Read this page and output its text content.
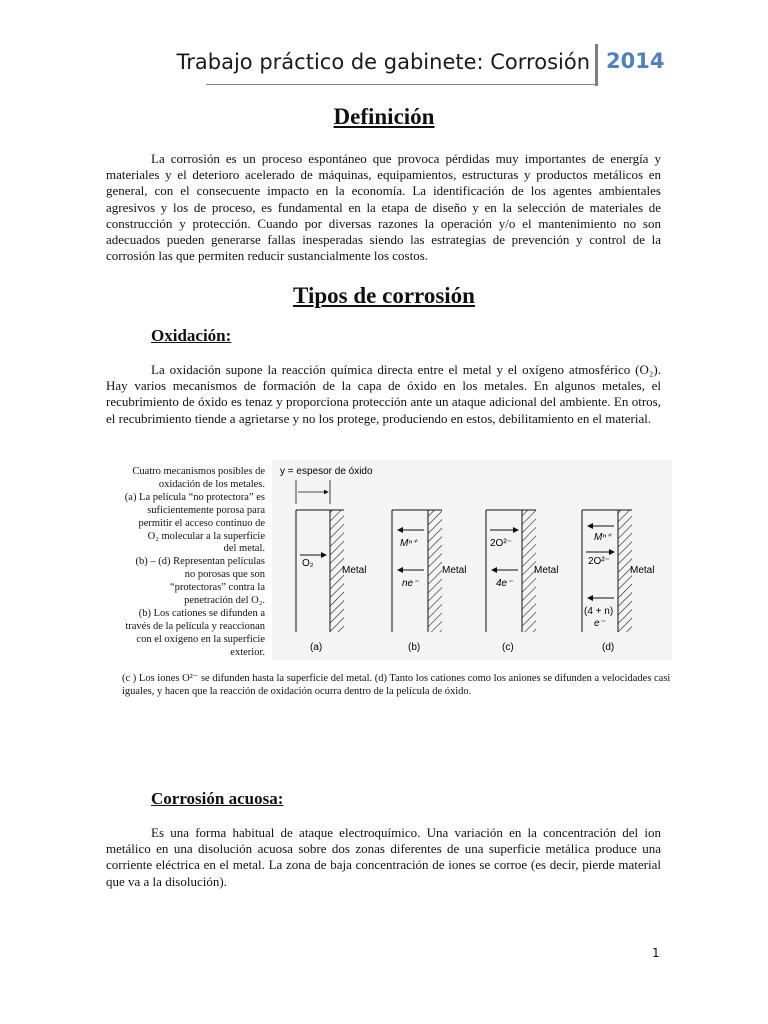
Trabajo práctico de gabinete: Corrosión 2014
Definición

La corrosión es un proceso espontáneo que provoca pérdidas muy importantes de energía y materiales y el deterioro acelerado de máquinas, equipamientos, estructuras y productos metálicos en general, con el consecuente impacto en la economía. La identificación de los agentes ambientales agresivos y los de proceso, es fundamental en la etapa de diseño y en la selección de materiales de construcción y protección. Cuando por diversas razones la operación y/o el mantenimiento no son adecuados pueden generarse fallas inesperadas siendo las estrategias de prevención y control de la corrosión las que permiten reducir sustancialmente los costos.

Tipos de corrosión
Oxidación:

La oxidación supone la reacción química directa entre el metal y el oxígeno atmosférico (O₂). Hay varios mecanismos de formación de la capa de óxido en los metales. En algunos metales, el recubrimiento de óxido es tenaz y proporciona protección ante un ataque adicional del ambiente. En otros, el recubrimiento tiende a agrietarse y no los protege, produciendo en estos, debilitamiento en el material.

Cuatro mecanismos posibles de
oxidación de los metales.
(a) La película “no protectora” es
suficientemente porosa para
permitir el acceso continuo de
O₂ molecular a la superficie
del metal.
(b) – (d) Representan películas
no porosas que son
“protectoras” contra la
penetración del O₂.
(b) Los cationes se difunden a
través de la película y reaccionan
con el oxígeno en la superficie
exterior.

y = espesor de óxido
O₂
Metal
(a)
Mⁿ⁺
ne⁻
Metal
(b)
2O²⁻
4e⁻
Metal
(c)
Mⁿ⁺
2O²⁻
(4 + n)
e⁻
Metal
(d)

(c ) Los iones O²⁻ se difunden hasta la superficie del metal. (d) Tanto los cationes como los aniones se difunden a velocidades casi iguales, y hacen que la reacción de oxidación ocurra dentro de la película de óxido.

Corrosión acuosa:

Es una forma habitual de ataque electroquímico. Una variación en la concentración del ion metálico en una disolución acuosa sobre dos zonas diferentes de una superficie metálica produce una corriente eléctrica en el metal. La zona de baja concentración de iones se corroe (es decir, pierde material que va a la disolución).

1
